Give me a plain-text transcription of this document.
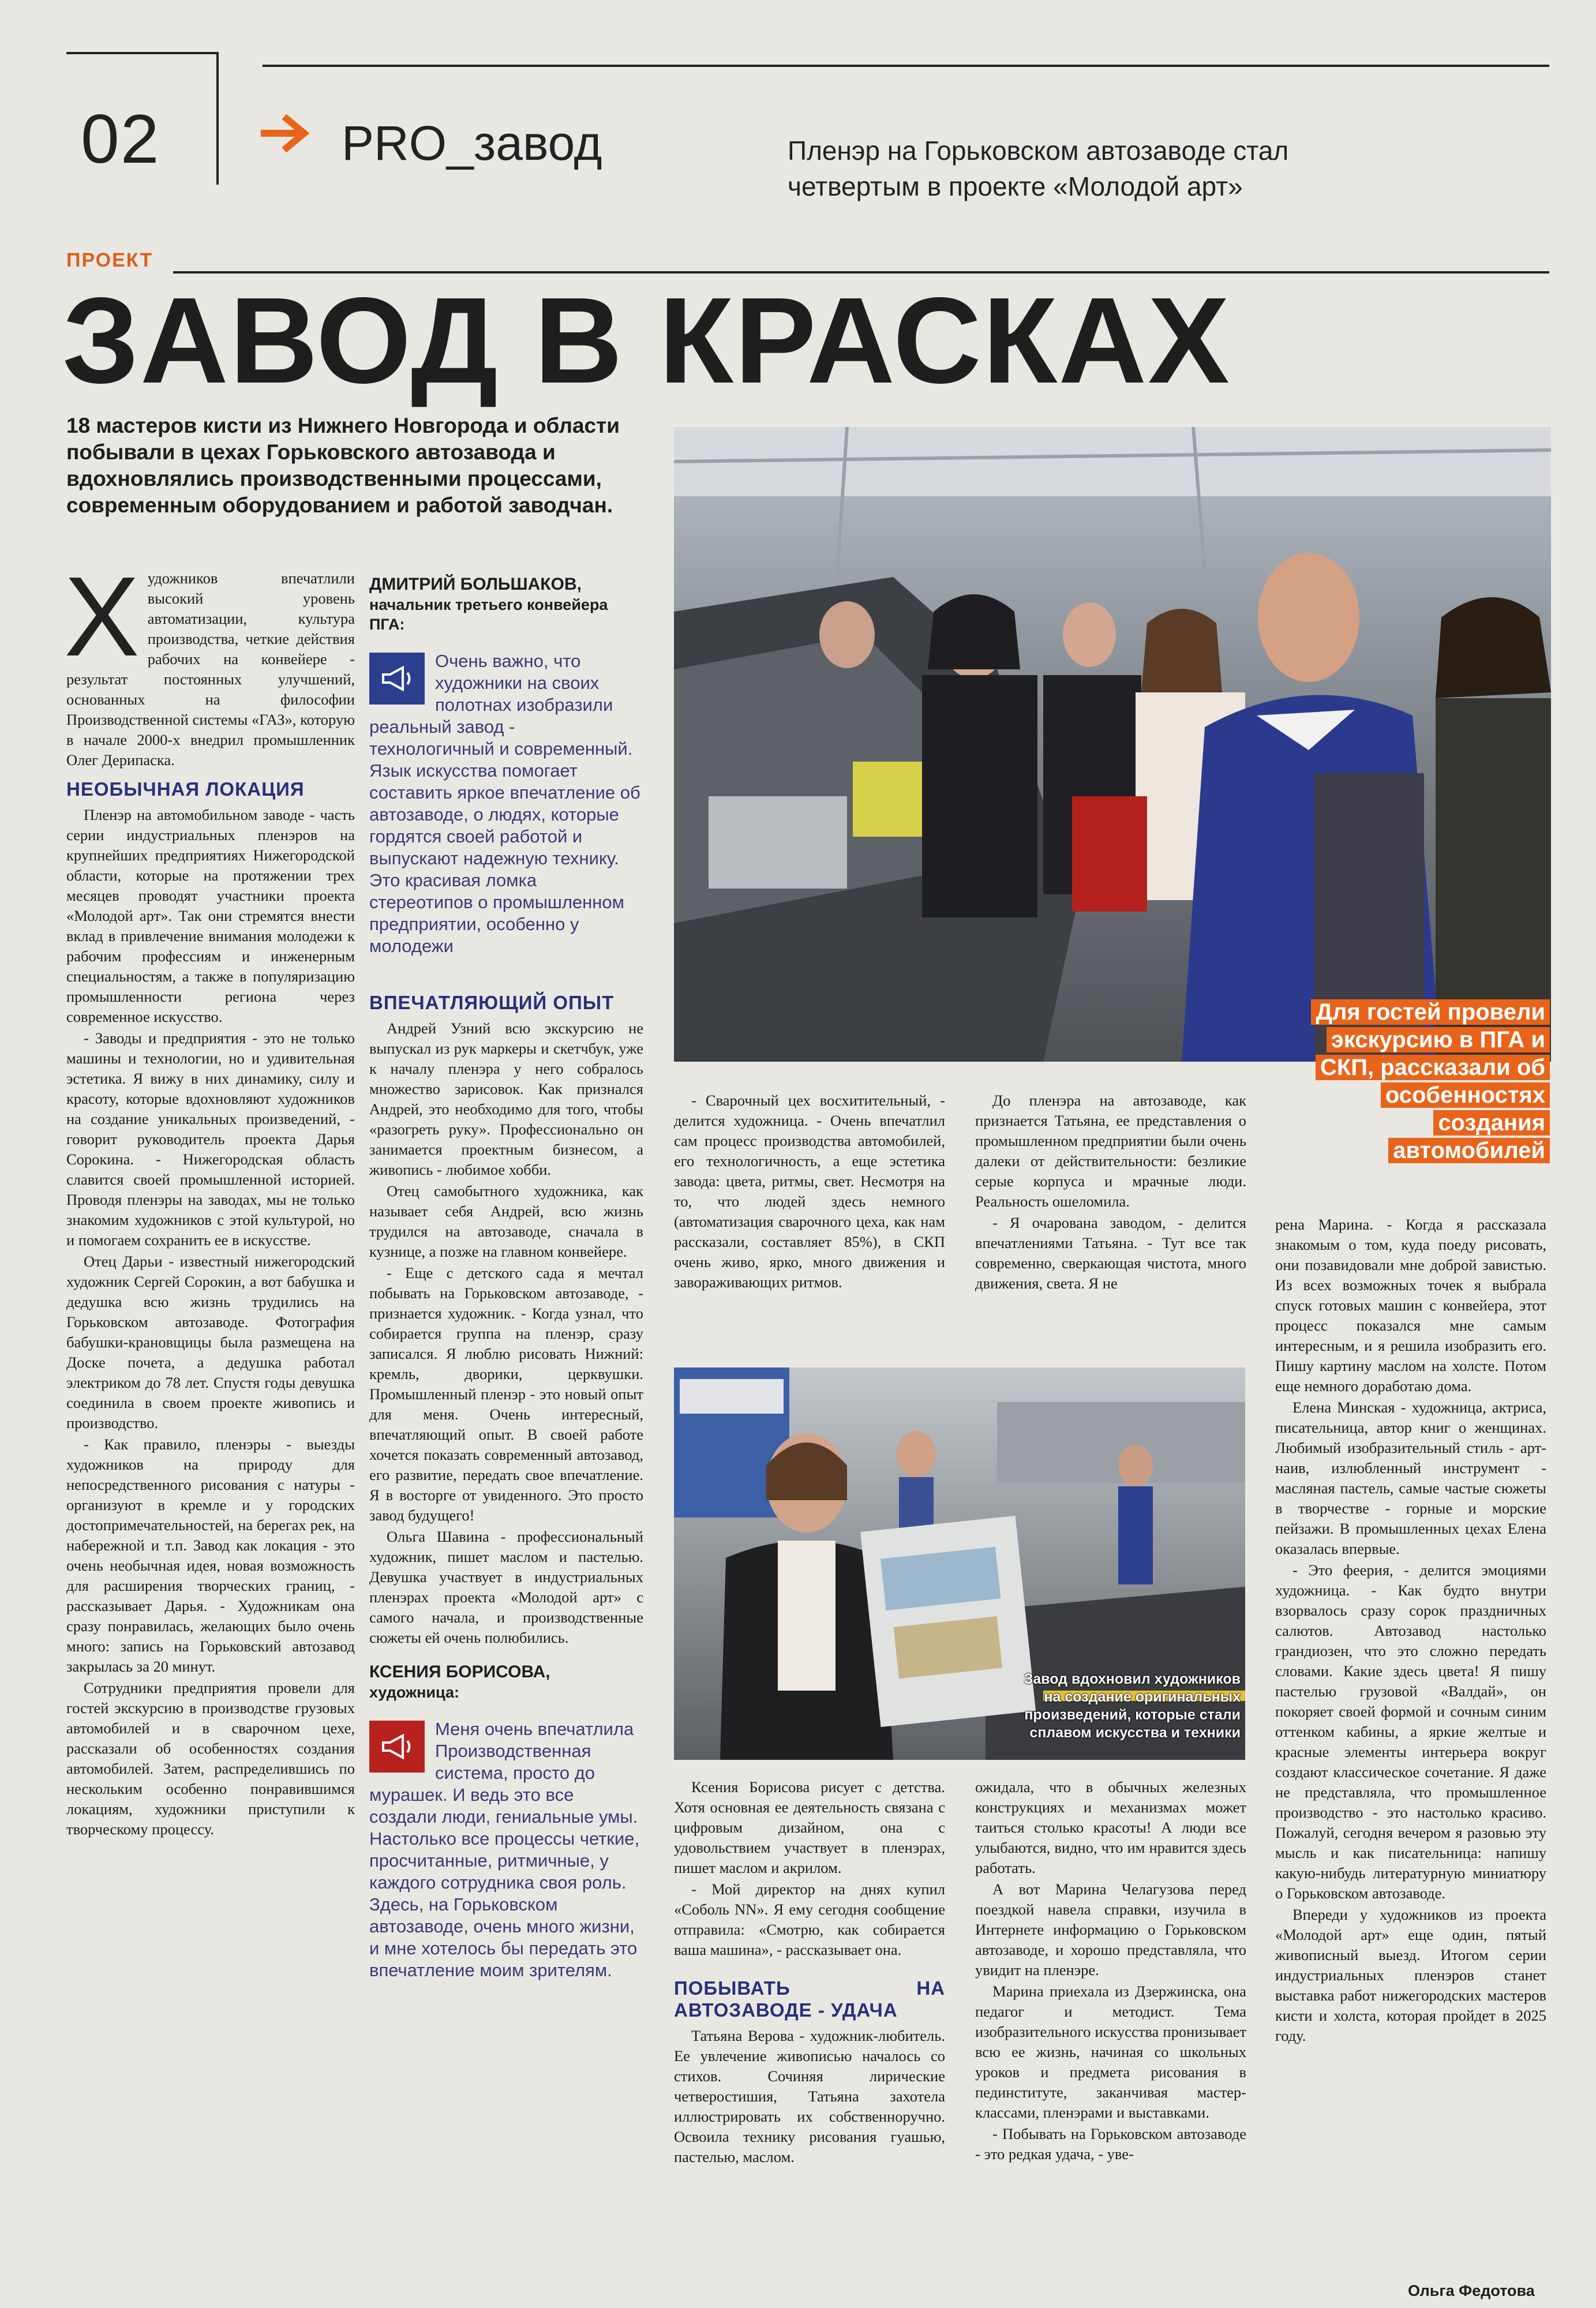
02	PRO_завод	Пленэр на Горьковском автозаводе стал четвертым в проекте «Молодой арт»
ПРОЕКТ
ЗАВОД В КРАСКАХ
18 мастеров кисти из Нижнего Новгорода и области побывали в цехах Горьковского автозавода и вдохновлялись производственными процессами, современным оборудованием и работой заводчан.

Художников впечатлили высокий уровень автоматизации, культура производства, четкие действия рабочих на конвейере - результат постоянных улучшений, основанных на философии Производственной системы «ГАЗ», которую в начале 2000-х внедрил промышленник Олег Дерипаска.

НЕОБЫЧНАЯ ЛОКАЦИЯ

Пленэр на автомобильном заводе - часть серии индустриальных пленэров на крупнейших предприятиях Нижегородской области, которые на протяжении трех месяцев проводят участники проекта «Молодой арт». Так они стремятся внести вклад в привлечение внимания молодежи к рабочим профессиям и инженерным специальностям, а также в популяризацию промышленности региона через современное искусство.

- Заводы и предприятия - это не только машины и технологии, но и удивительная эстетика. Я вижу в них динамику, силу и красоту, которые вдохновляют художников на создание уникальных произведений, - говорит руководитель проекта Дарья Сорокина. - Нижегородская область славится своей промышленной историей. Проводя пленэры на заводах, мы не только знакомим художников с этой культурой, но и помогаем сохранить ее в искусстве.

Отец Дарьи - известный нижегородский художник Сергей Сорокин, а вот бабушка и дедушка всю жизнь трудились на Горьковском автозаводе. Фотография бабушки-крановщицы была размещена на Доске почета, а дедушка работал электриком до 78 лет. Спустя годы девушка соединила в своем проекте живопись и производство.

- Как правило, пленэры - выезды художников на природу для непосредственного рисования с натуры - организуют в кремле и у городских достопримечательностей, на берегах рек, на набережной и т.п. Завод как локация - это очень необычная идея, новая возможность для расширения творческих границ, - рассказывает Дарья. - Художникам она сразу понравилась, желающих было очень много: запись на Горьковский автозавод закрылась за 20 минут.

Сотрудники предприятия провели для гостей экскурсию в производстве грузовых автомобилей и в сварочном цехе, рассказали об особенностях создания автомобилей. Затем, распределившись по нескольким особенно понравившимся локациям, художники приступили к творческому процессу.

ДМИТРИЙ БОЛЬШАКОВ,
начальник третьего конвейера ПГА:
Очень важно, что художники на своих полотнах изобразили реальный завод - технологичный и современный. Язык искусства помогает составить яркое впечатление об автозаводе, о людях, которые гордятся своей работой и выпускают надежную технику. Это красивая ломка стереотипов о промышленном предприятии, особенно у молодежи
ВПЕЧАТЛЯЮЩИЙ ОПЫТ

Андрей Узний всю экскурсию не выпускал из рук маркеры и скетчбук, уже к началу пленэра у него собралось множество зарисовок. Как признался Андрей, это необходимо для того, чтобы «разогреть руку». Профессионально он занимается проектным бизнесом, а живопись - любимое хобби.

Отец самобытного художника, как называет себя Андрей, всю жизнь трудился на автозаводе, сначала в кузнице, а позже на главном конвейере.

- Еще с детского сада я мечтал побывать на Горьковском автозаводе, - признается художник. - Когда узнал, что собирается группа на пленэр, сразу записался. Я люблю рисовать Нижний: кремль, дворики, церквушки. Промышленный пленэр - это новый опыт для меня. Очень интересный, впечатляющий опыт. В своей работе хочется показать современный автозавод, его развитие, передать свое впечатление. Я в восторге от увиденного. Это просто завод будущего!

Ольга Шавина - профессиональный художник, пишет маслом и пастелью. Девушка участвует в индустриальных пленэрах проекта «Молодой арт» с самого начала, и производственные сюжеты ей очень полюбились.

КСЕНИЯ БОРИСОВА,
художница:
Меня очень впечатлила Производственная система, просто до мурашек. И ведь это все создали люди, гениальные умы. Настолько все процессы четкие, просчитанные, ритмичные, у каждого сотрудника своя роль. Здесь, на Горьковском автозаводе, очень много жизни, и мне хотелось бы передать это впечатление моим зрителям.
Для гостей провели экскурсию в ПГА и СКП, рассказали об особенностях создания автомобилей

- Сварочный цех восхитительный, - делится художница. - Очень впечатлил сам процесс производства автомобилей, его технологичность, а еще эстетика завода: цвета, ритмы, свет. Несмотря на то, что людей здесь немного (автоматизация сварочного цеха, как нам рассказали, составляет 85%), в СКП очень живо, ярко, много движения и завораживающих ритмов.

До пленэра на автозаводе, как признается Татьяна, ее представления о промышленном предприятии были очень далеки от действительности: безликие серые корпуса и мрачные люди. Реальность ошеломила.

- Я очарована заводом, - делится впечатлениями Татьяна. - Тут все так современно, сверкающая чистота, много движения, света. Я не

Завод вдохновил художников на создание оригинальных произведений, которые стали сплавом искусства и техники

рена Марина. - Когда я рассказала знакомым о том, куда поеду рисовать, они позавидовали мне доброй завистью. Из всех возможных точек я выбрала спуск готовых машин с конвейера, этот процесс показался мне самым интересным, и я решила изобразить его. Пишу картину маслом на холсте. Потом еще немного доработаю дома.

Елена Минская - художница, актриса, писательница, автор книг о женщинах. Любимый изобразительный стиль - арт-наив, излюбленный инструмент - масляная пастель, самые частые сюжеты в творчестве - горные и морские пейзажи. В промышленных цехах Елена оказалась впервые.

- Это феерия, - делится эмоциями художница. - Как будто внутри взорвалось сразу сорок праздничных салютов. Автозавод настолько грандиозен, что это сложно передать словами. Какие здесь цвета! Я пишу пастелью грузовой «Валдай», он покоряет своей формой и сочным синим оттенком кабины, а яркие желтые и красные элементы интерьера вокруг создают классическое сочетание. Я даже не представляла, что промышленное производство - это настолько красиво. Пожалуй, сегодня вечером я разовью эту мысль и как писательница: напишу какую-нибудь литературную миниатюру о Горьковском автозаводе.

Впереди у художников из проекта «Молодой арт» еще один, пятый живописный выезд. Итогом серии индустриальных пленэров станет выставка работ нижегородских мастеров кисти и холста, которая пройдет в 2025 году.

Ксения Борисова рисует с детства. Хотя основная ее деятельность связана с цифровым дизайном, она с удовольствием участвует в пленэрах, пишет маслом и акрилом.

- Мой директор на днях купил «Соболь NN». Я ему сегодня сообщение отправила: «Смотрю, как собирается ваша машина», - рассказывает она.

ПОБЫВАТЬ НА АВТОЗАВОДЕ - УДАЧА

Татьяна Верова - художник-любитель. Ее увлечение живописью началось со стихов. Сочиняя лирические четверостишия, Татьяна захотела иллюстрировать их собственноручно. Освоила технику рисования гуашью, пастелью, маслом.

ожидала, что в обычных железных конструкциях и механизмах может таиться столько красоты! А люди все улыбаются, видно, что им нравится здесь работать.

А вот Марина Челагузова перед поездкой навела справки, изучила в Интернете информацию о Горьковском автозаводе, и хорошо представляла, что увидит на пленэре.

Марина приехала из Дзержинска, она педагог и методист. Тема изобразительного искусства пронизывает всю ее жизнь, начиная со школьных уроков и предмета рисования в пединституте, заканчивая мастер-классами, пленэрами и выставками.

- Побывать на Горьковском автозаводе - это редкая удача, - уве-

Ольга Федотова
